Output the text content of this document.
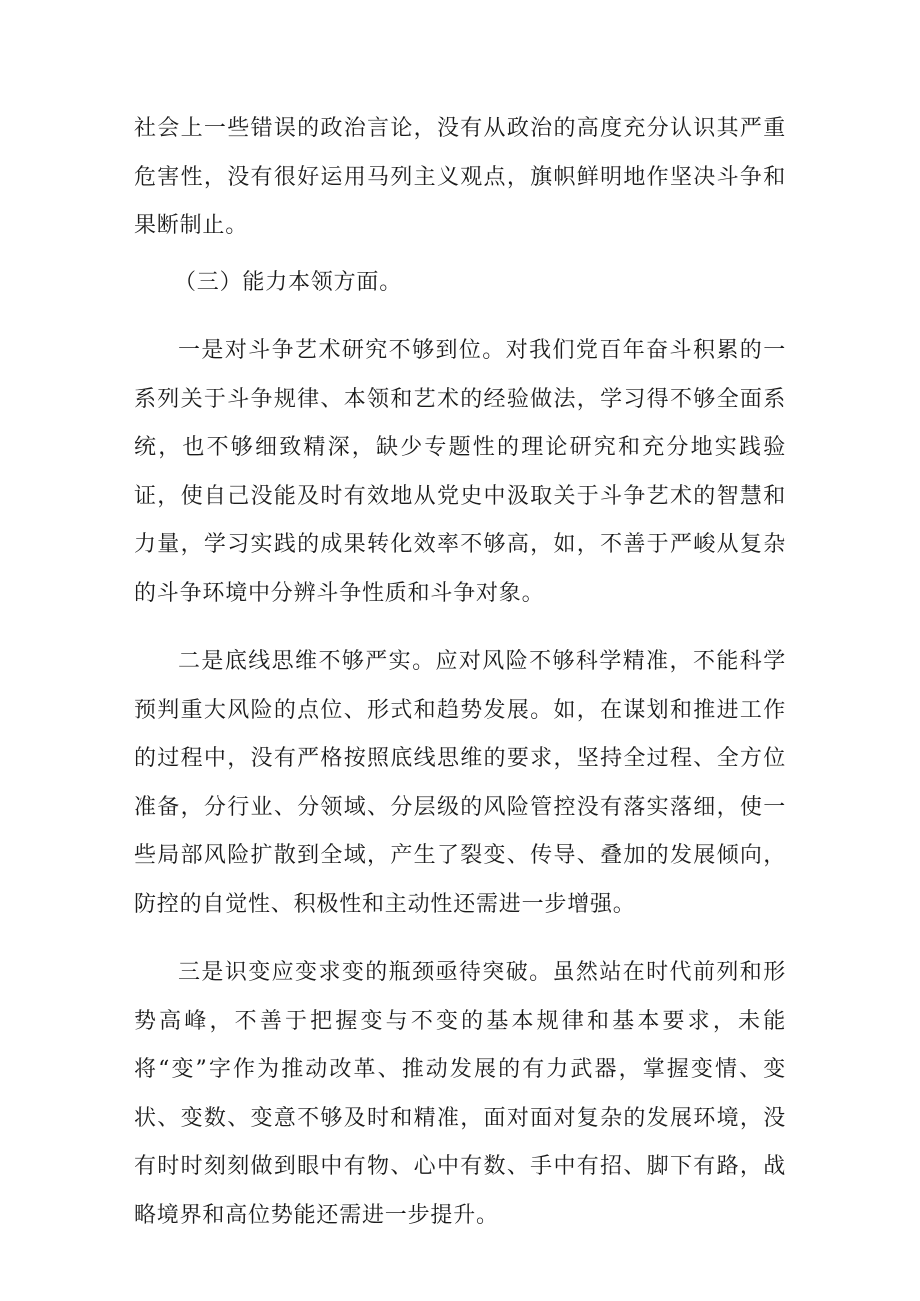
社会上一些错误的政治言论，没有从政治的高度充分认识其严重危害性，没有很好运用马列主义观点，旗帜鲜明地作坚决斗争和果断制止。

（三）能力本领方面。

一是对斗争艺术研究不够到位。对我们党百年奋斗积累的一系列关于斗争规律、本领和艺术的经验做法，学习得不够全面系统，也不够细致精深，缺少专题性的理论研究和充分地实践验证，使自己没能及时有效地从党史中汲取关于斗争艺术的智慧和力量，学习实践的成果转化效率不够高，如，不善于严峻从复杂的斗争环境中分辨斗争性质和斗争对象。

二是底线思维不够严实。应对风险不够科学精准，不能科学预判重大风险的点位、形式和趋势发展。如，在谋划和推进工作的过程中，没有严格按照底线思维的要求，坚持全过程、全方位准备，分行业、分领域、分层级的风险管控没有落实落细，使一些局部风险扩散到全域，产生了裂变、传导、叠加的发展倾向，防控的自觉性、积极性和主动性还需进一步增强。

三是识变应变求变的瓶颈亟待突破。虽然站在时代前列和形势高峰，不善于把握变与不变的基本规律和基本要求，未能将“变”字作为推动改革、推动发展的有力武器，掌握变情、变状、变数、变意不够及时和精准，面对面对复杂的发展环境，没有时时刻刻做到眼中有物、心中有数、手中有招、脚下有路，战略境界和高位势能还需进一步提升。
